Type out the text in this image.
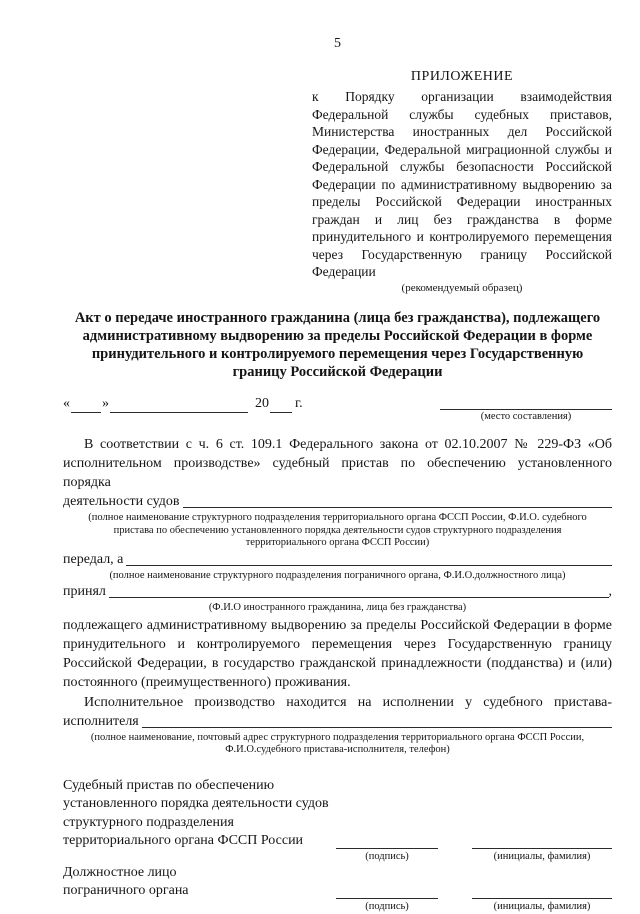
5
ПРИЛОЖЕНИЕ
к Порядку организации взаимодействия Федеральной службы судебных приставов, Министерства иностранных дел Российской Федерации, Федеральной миграционной службы и Федеральной службы безопасности Российской Федерации по административному выдворению за пределы Российской Федерации иностранных граждан и лиц без гражданства в форме принудительного и контролируемого перемещения через Государственную границу Российской Федерации
(рекомендуемый образец)
Акт о передаче иностранного гражданина (лица без гражданства), подлежащего административному выдворению за пределы Российской Федерации в форме принудительного и контролируемого перемещения через Государственную границу Российской Федерации
« »	20 г.
(место составления)

В соответствии с ч. 6 ст. 109.1 Федерального закона от 02.10.2007 № 229-ФЗ «Об исполнительном производстве» судебный пристав по обеспечению установленного порядка

деятельности судов
(полное наименование структурного подразделения территориального органа ФССП России, Ф.И.О. судебного пристава по обеспечению установленного порядка деятельности судов структурного подразделения территориального органа ФССП России)
передал, а
(полное наименование структурного подразделения пограничного органа, Ф.И.О.должностного лица)
принял	,
(Ф.И.О иностранного гражданина, лица без гражданства)

подлежащего административному выдворению за пределы Российской Федерации в форме принудительного и контролируемого перемещения через Государственную границу Российской Федерации, в государство гражданской принадлежности (подданства) и (или) постоянного (преимущественного) проживания.

Исполнительное производство находится на исполнении у судебного пристава-

исполнителя
(полное наименование, почтовый адрес структурного подразделения территориального органа ФССП России, Ф.И.О.судебного пристава-исполнителя, телефон)
Судебный пристав по обеспечению установленного порядка деятельности судов структурного подразделения территориального органа ФССП России
(подпись)	(инициалы, фамилия)
Должностное лицо пограничного органа
(подпись)	(инициалы, фамилия)
